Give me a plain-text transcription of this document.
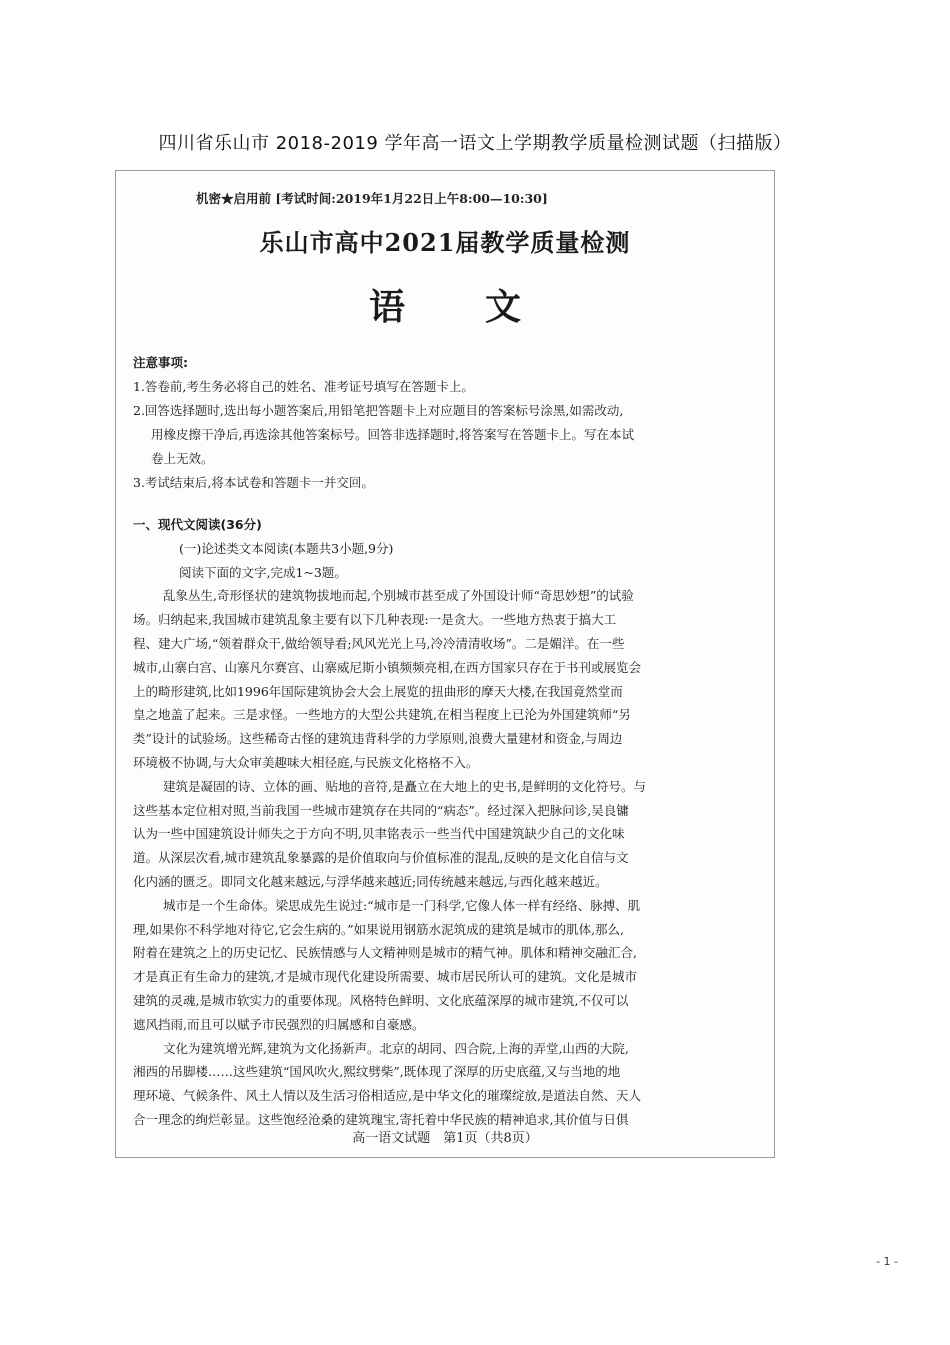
四川省乐山市 2018-2019 学年高一语文上学期教学质量检测试题（扫描版）
机密★启用前 [考试时间:2019年1月22日上午8:00—10:30]
乐山市高中2021届教学质量检测
语文
注意事项:
1.答卷前,考生务必将自己的姓名、准考证号填写在答题卡上。
2.回答选择题时,选出每小题答案后,用铅笔把答题卡上对应题目的答案标号涂黑,如需改动,
用橡皮擦干净后,再选涂其他答案标号。回答非选择题时,将答案写在答题卡上。写在本试
卷上无效。
3.考试结束后,将本试卷和答题卡一并交回。
一、现代文阅读(36分)
(一)论述类文本阅读(本题共3小题,9分)
阅读下面的文字,完成1~3题。
乱象丛生,奇形怪状的建筑物拔地而起,个别城市甚至成了外国设计师“奇思妙想”的试验
场。归纳起来,我国城市建筑乱象主要有以下几种表现:一是贪大。一些地方热衷于搞大工
程、建大广场,“领着群众干,做给领导看;风风光光上马,冷冷清清收场”。二是媚洋。在一些
城市,山寨白宫、山寨凡尔赛宫、山寨威尼斯小镇频频亮相,在西方国家只存在于书刊或展览会
上的畸形建筑,比如1996年国际建筑协会大会上展览的扭曲形的摩天大楼,在我国竟然堂而
皇之地盖了起来。三是求怪。一些地方的大型公共建筑,在相当程度上已沦为外国建筑师“另
类”设计的试验场。这些稀奇古怪的建筑违背科学的力学原则,浪费大量建材和资金,与周边
环境极不协调,与大众审美趣味大相径庭,与民族文化格格不入。
建筑是凝固的诗、立体的画、贴地的音符,是矗立在大地上的史书,是鲜明的文化符号。与
这些基本定位相对照,当前我国一些城市建筑存在共同的“病态”。经过深入把脉问诊,吴良镛
认为一些中国建筑设计师失之于方向不明,贝聿铭表示一些当代中国建筑缺少自己的文化味
道。从深层次看,城市建筑乱象暴露的是价值取向与价值标准的混乱,反映的是文化自信与文
化内涵的匮乏。即同文化越来越远,与浮华越来越近;同传统越来越远,与西化越来越近。
城市是一个生命体。梁思成先生说过:“城市是一门科学,它像人体一样有经络、脉搏、肌
理,如果你不科学地对待它,它会生病的。”如果说用钢筋水泥筑成的建筑是城市的肌体,那么,
附着在建筑之上的历史记忆、民族情感与人文精神则是城市的精气神。肌体和精神交融汇合,
才是真正有生命力的建筑,才是城市现代化建设所需要、城市居民所认可的建筑。文化是城市
建筑的灵魂,是城市软实力的重要体现。风格特色鲜明、文化底蕴深厚的城市建筑,不仅可以
遮风挡雨,而且可以赋予市民强烈的归属感和自豪感。
文化为建筑增光辉,建筑为文化扬新声。北京的胡同、四合院,上海的弄堂,山西的大院,
湘西的吊脚楼……这些建筑“国风吹火,熙纹劈柴”,既体现了深厚的历史底蕴,又与当地的地
理环境、气候条件、风土人情以及生活习俗相适应,是中华文化的璀璨绽放,是道法自然、天人
合一理念的绚烂彰显。这些饱经沧桑的建筑瑰宝,寄托着中华民族的精神追求,其价值与日俱
高一语文试题　第1页（共8页）
- 1 -
